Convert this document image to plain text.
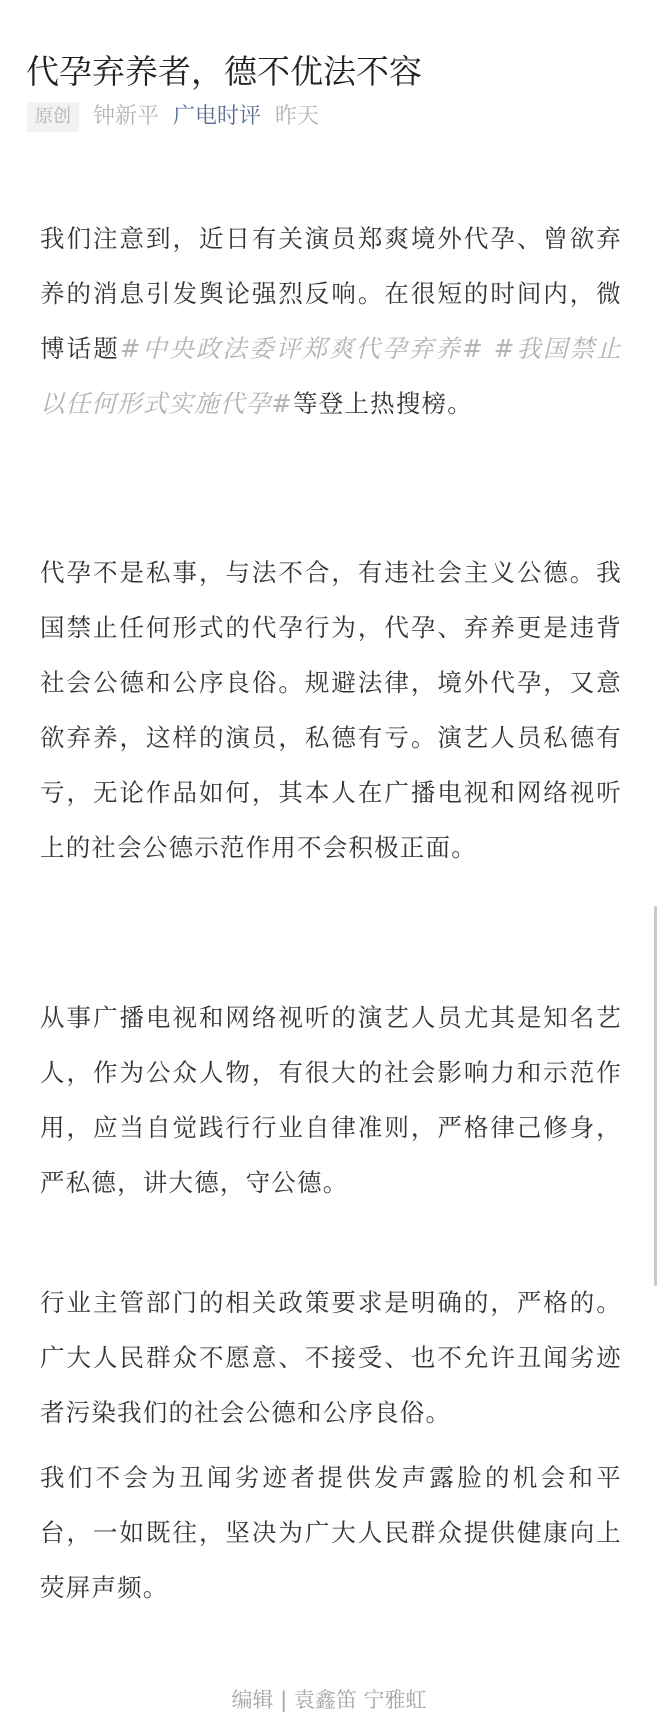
代孕弃养者，德不优法不容
原创	钟新平 广电时评 昨天

我们注意到，近日有关演员郑爽境外代孕、曾欲弃养的消息引发舆论强烈反响。在很短的时间内，微博话题#中央政法委评郑爽代孕弃养# #我国禁止以任何形式实施代孕#等登上热搜榜。

代孕不是私事，与法不合，有违社会主义公德。我国禁止任何形式的代孕行为，代孕、弃养更是违背社会公德和公序良俗。规避法律，境外代孕，又意欲弃养，这样的演员，私德有亏。演艺人员私德有亏，无论作品如何，其本人在广播电视和网络视听上的社会公德示范作用不会积极正面。

从事广播电视和网络视听的演艺人员尤其是知名艺人，作为公众人物，有很大的社会影响力和示范作用，应当自觉践行行业自律准则，严格律己修身，严私德，讲大德，守公德。

行业主管部门的相关政策要求是明确的，严格的。广大人民群众不愿意、不接受、也不允许丑闻劣迹者污染我们的社会公德和公序良俗。

我们不会为丑闻劣迹者提供发声露脸的机会和平台，一如既往，坚决为广大人民群众提供健康向上荧屏声频。

编辑 | 袁鑫笛 宁雅虹
